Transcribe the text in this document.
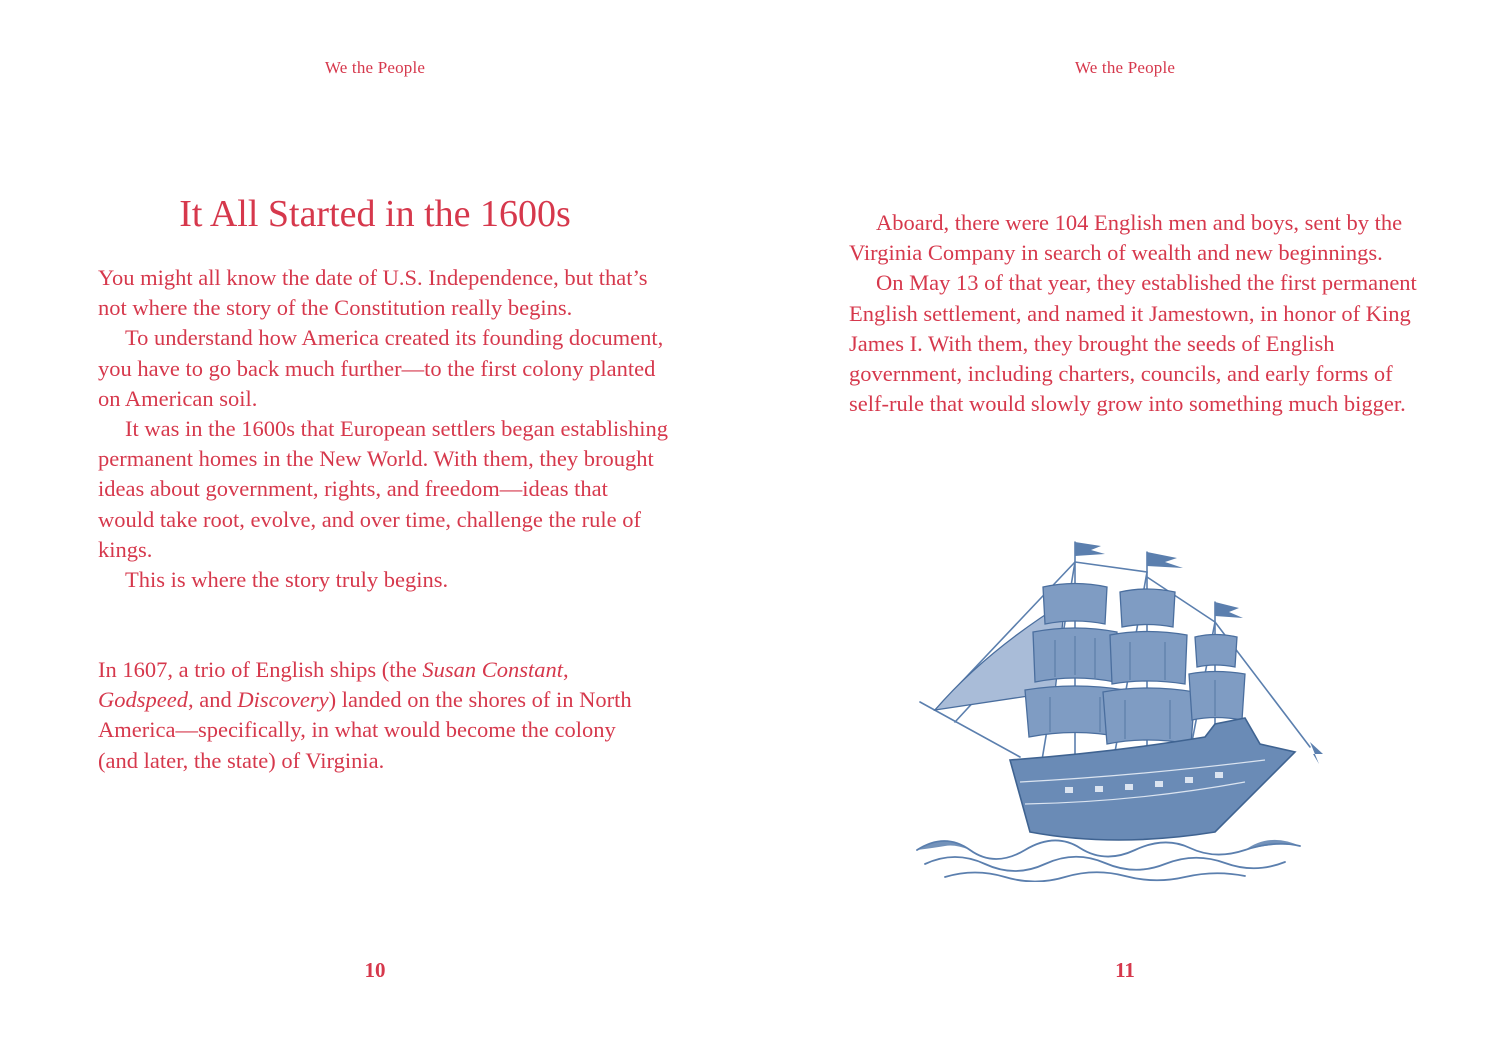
We the People
It All Started in the 1600s

You might all know the date of U.S. Independence, but that’s not where the story of the Constitution really begins.

To understand how America created its founding document, you have to go back much further—to the first colony planted on American soil.

It was in the 1600s that European settlers began establishing permanent homes in the New World. With them, they brought ideas about government, rights, and freedom—ideas that would take root, evolve, and over time, challenge the rule of kings.

This is where the story truly begins.

In 1607, a trio of English ships (the Susan Constant, Godspeed, and Discovery) landed on the shores of in North America—specifically, in what would become the colony (and later, the state) of Virginia.

10
We the People

Aboard, there were 104 English men and boys, sent by the Virginia Company in search of wealth and new beginnings.

On May 13 of that year, they established the first permanent English settlement, and named it Jamestown, in honor of King James I. With them, they brought the seeds of English government, including charters, councils, and early forms of self-rule that would slowly grow into something much bigger.

11
